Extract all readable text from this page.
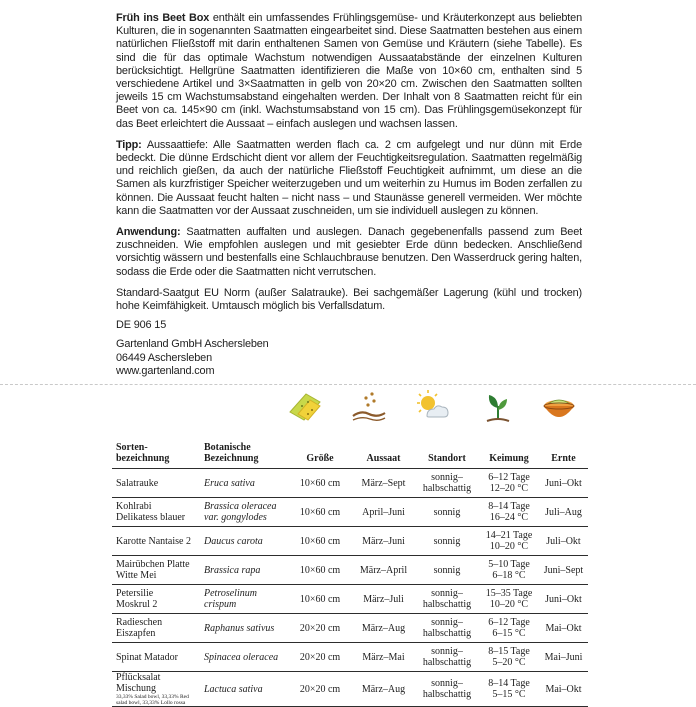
Früh ins Beet Box enthält ein umfassendes Frühlingsgemüse- und Kräuterkonzept aus beliebten Kulturen, die in sogenannten Saatmatten eingearbeitet sind. Diese Saatmatten bestehen aus einem natürlichen Fließstoff mit darin enthaltenen Samen von Gemüse und Kräutern (siehe Tabelle). Es sind die für das optimale Wachstum notwendigen Aussaatabstände der einzelnen Kulturen berücksichtigt. Hellgrüne Saatmatten identifizieren die Maße von 10×60 cm, enthalten sind 5 verschiedene Artikel und 3×Saatmatten in gelb von 20×20 cm. Zwischen den Saatmatten sollten jeweils 15 cm Wachstumsabstand eingehalten werden. Der Inhalt von 8 Saatmatten reicht für ein Beet von ca. 145×90 cm (inkl. Wachstumsabstand von 15 cm). Das Frühlingsgemüsekonzept für das Beet erleichtert die Aussaat – einfach auslegen und wachsen lassen.

Tipp: Aussaattiefe: Alle Saatmatten werden flach ca. 2 cm aufgelegt und nur dünn mit Erde bedeckt. Die dünne Erdschicht dient vor allem der Feuchtigkeitsregulation. Saatmatten regelmäßig und reichlich gießen, da auch der natürliche Fließstoff Feuchtigkeit aufnimmt, um diese an die Samen als kurzfristiger Speicher weiterzugeben und um weiterhin zu Humus im Boden zerfallen zu können. Die Aussaat feucht halten – nicht nass – und Staunässe generell vermeiden. Wer möchte kann die Saatmatten vor der Aussaat zuschneiden, um sie individuell auslegen zu können.

Anwendung: Saatmatten auffalten und auslegen. Danach gegebenenfalls passend zum Beet zuschneiden. Wie empfohlen auslegen und mit gesiebter Erde dünn bedecken. Anschließend vorsichtig wässern und bestenfalls eine Schlauchbrause benutzen. Den Wasserdruck gering halten, sodass die Erde oder die Saatmatten nicht verrutschen.

Standard-Saatgut EU Norm (außer Salatrauke). Bei sachgemäßer Lagerung (kühl und trocken) hohe Keimfähigkeit. Umtausch möglich bis Verfallsdatum.

DE 906 15

Gartenland GmbH Aschersleben
06449 Aschersleben
www.gartenland.com

Sorten-
bezeichnung	Botanische
Bezeichnung	Größe	Aussaat	Standort	Keimung	Ernte

Salatrauke	Eruca sativa	10×60 cm	März–Sept	sonnig–
halbschattig	6–12 Tage
12–20 °C	Juni–Okt

Kohlrabi
Delikatess blauer	Brassica oleracea
var. gongylodes	10×60 cm	April–Juni	sonnig	8–14 Tage
16–24 °C	Juli–Aug

Karotte Nantaise 2	Daucus carota	10×60 cm	März–Juni	sonnig	14–21 Tage
10–20 °C	Juli–Okt

Mairübchen Platte
Witte Mei	Brassica rapa	10×60 cm	März–April	sonnig	5–10 Tage
6–18 °C	Juni–Sept

Petersilie
Moskrul 2	Petroselinum
crispum	10×60 cm	März–Juli	sonnig–
halbschattig	15–35 Tage
10–20 °C	Juni–Okt

Radieschen
Eiszapfen	Raphanus sativus	20×20 cm	März–Aug	sonnig–
halbschattig	6–12 Tage
6–15 °C	Mai–Okt

Spinat Matador	Spinacea oleracea	20×20 cm	März–Mai	sonnig–
halbschattig	8–15 Tage
5–20 °C	Mai–Juni

Pflücksalat Mischung
33,33% Salad bowl, 33,33% Red
salad bowl, 33,33% Lollo rossa	Lactuca sativa	20×20 cm	März–Aug	sonnig–
halbschattig	8–14 Tage
5–15 °C	Mai–Okt
